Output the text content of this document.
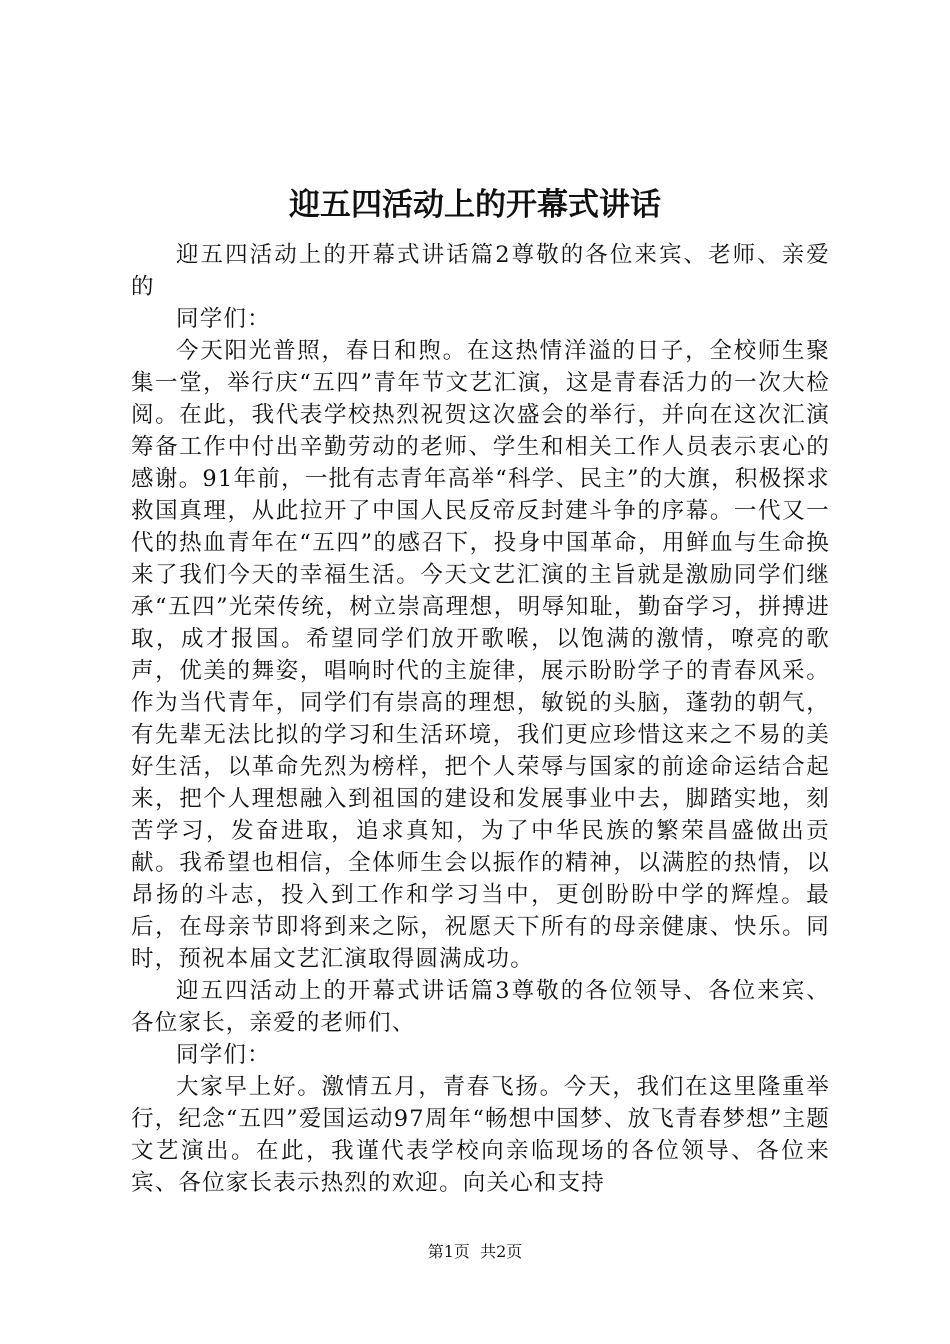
迎五四活动上的开幕式讲话

迎五四活动上的开幕式讲话篇2尊敬的各位来宾、老师、亲爱的

同学们：

今天阳光普照，春日和煦。在这热情洋溢的日子，全校师生聚集一堂，举行庆“五四”青年节文艺汇演，这是青春活力的一次大检阅。在此，我代表学校热烈祝贺这次盛会的举行，并向在这次汇演筹备工作中付出辛勤劳动的老师、学生和相关工作人员表示衷心的感谢。91年前，一批有志青年高举“科学、民主”的大旗，积极探求救国真理，从此拉开了中国人民反帝反封建斗争的序幕。一代又一代的热血青年在“五四”的感召下，投身中国革命，用鲜血与生命换来了我们今天的幸福生活。今天文艺汇演的主旨就是激励同学们继承“五四”光荣传统，树立崇高理想，明辱知耻，勤奋学习，拼搏进取，成才报国。希望同学们放开歌喉，以饱满的激情，嘹亮的歌声，优美的舞姿，唱响时代的主旋律，展示盼盼学子的青春风采。作为当代青年，同学们有崇高的理想，敏锐的头脑，蓬勃的朝气，有先辈无法比拟的学习和生活环境，我们更应珍惜这来之不易的美好生活，以革命先烈为榜样，把个人荣辱与国家的前途命运结合起来，把个人理想融入到祖国的建设和发展事业中去，脚踏实地，刻苦学习，发奋进取，追求真知，为了中华民族的繁荣昌盛做出贡献。我希望也相信，全体师生会以振作的精神，以满腔的热情，以昂扬的斗志，投入到工作和学习当中，更创盼盼中学的辉煌。最后，在母亲节即将到来之际，祝愿天下所有的母亲健康、快乐。同时，预祝本届文艺汇演取得圆满成功。

迎五四活动上的开幕式讲话篇3尊敬的各位领导、各位来宾、各位家长，亲爱的老师们、

同学们：

大家早上好。激情五月，青春飞扬。今天，我们在这里隆重举行，纪念“五四”爱国运动97周年“畅想中国梦、放飞青春梦想”主题文艺演出。在此，我谨代表学校向亲临现场的各位领导、各位来宾、各位家长表示热烈的欢迎。向关心和支持

第1页  共2页
